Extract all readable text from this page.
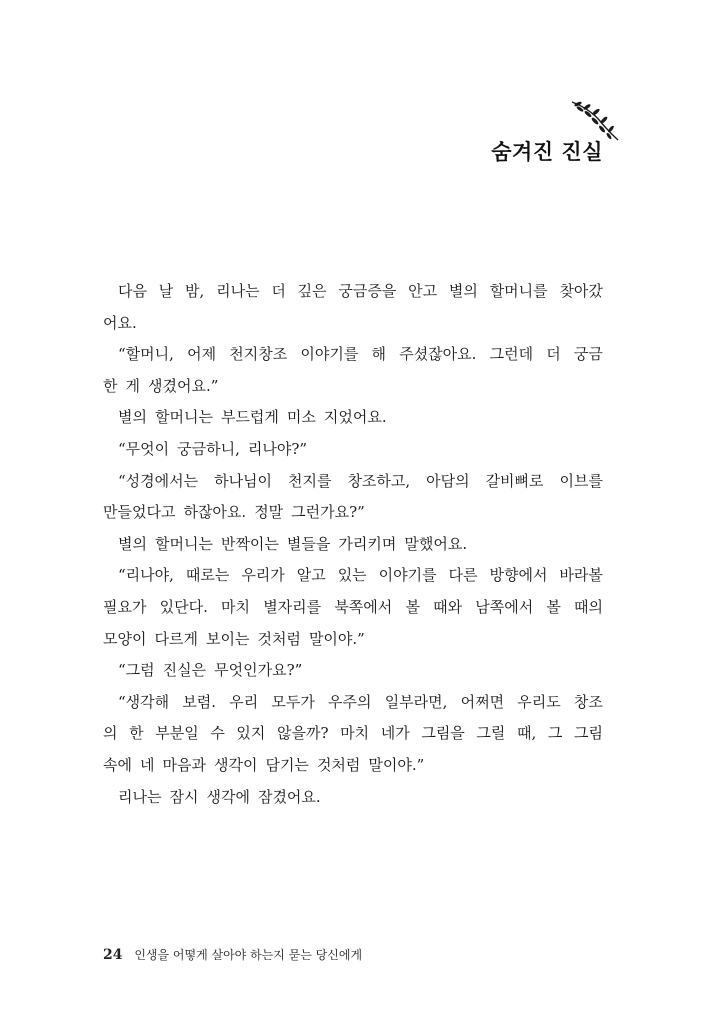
숨겨진 진실
다음 날 밤, 리나는 더 깊은 궁금증을 안고 별의 할머니를 찾아갔
어요.
“할머니, 어제 천지창조 이야기를 해 주셨잖아요. 그런데 더 궁금
한 게 생겼어요.”
별의 할머니는 부드럽게 미소 지었어요.
“무엇이 궁금하니, 리나야?”
“성경에서는 하나님이 천지를 창조하고, 아담의 갈비뼈로 이브를
만들었다고 하잖아요. 정말 그런가요?”
별의 할머니는 반짝이는 별들을 가리키며 말했어요.
“리나야, 때로는 우리가 알고 있는 이야기를 다른 방향에서 바라볼
필요가 있단다. 마치 별자리를 북쪽에서 볼 때와 남쪽에서 볼 때의
모양이 다르게 보이는 것처럼 말이야.”
“그럼 진실은 무엇인가요?”
“생각해 보렴. 우리 모두가 우주의 일부라면, 어쩌면 우리도 창조
의 한 부분일 수 있지 않을까? 마치 네가 그림을 그릴 때, 그 그림
속에 네 마음과 생각이 담기는 것처럼 말이야.”
리나는 잠시 생각에 잠겼어요.
24 인생을 어떻게 살아야 하는지 묻는 당신에게
